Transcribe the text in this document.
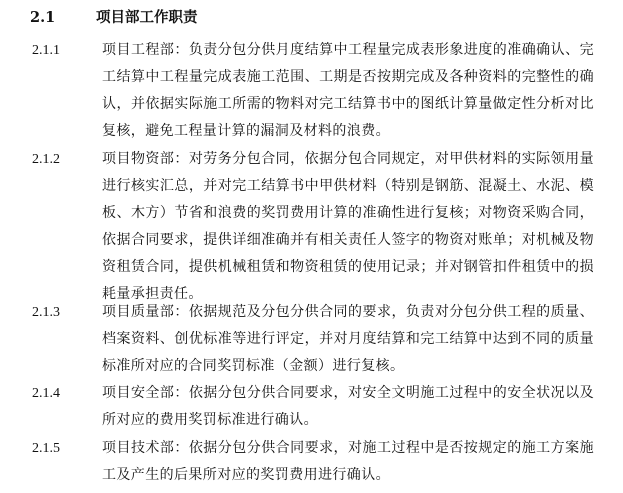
2.1	项目部工作职责
2.1.1	项目工程部：负责分包分供月度结算中工程量完成表形象进度的准确确认、完工结算中工程量完成表施工范围、工期是否按期完成及各种资料的完整性的确认，并依据实际施工所需的物料对完工结算书中的图纸计算量做定性分析对比复核，避免工程量计算的漏洞及材料的浪费。
2.1.2	项目物资部：对劳务分包合同，依据分包合同规定，对甲供材料的实际领用量进行核实汇总，并对完工结算书中甲供材料（特别是钢筋、混凝土、水泥、模板、木方）节省和浪费的奖罚费用计算的准确性进行复核；对物资采购合同，依据合同要求，提供详细准确并有相关责任人签字的物资对账单；对机械及物资租赁合同，提供机械租赁和物资租赁的使用记录；并对钢管扣件租赁中的损耗量承担责任。
2.1.3	项目质量部：依据规范及分包分供合同的要求，负责对分包分供工程的质量、档案资料、创优标准等进行评定，并对月度结算和完工结算中达到不同的质量标准所对应的合同奖罚标准（金额）进行复核。
2.1.4	项目安全部：依据分包分供合同要求，对安全文明施工过程中的安全状况以及所对应的费用奖罚标准进行确认。
2.1.5	项目技术部：依据分包分供合同要求，对施工过程中是否按规定的施工方案施工及产生的后果所对应的奖罚费用进行确认。
